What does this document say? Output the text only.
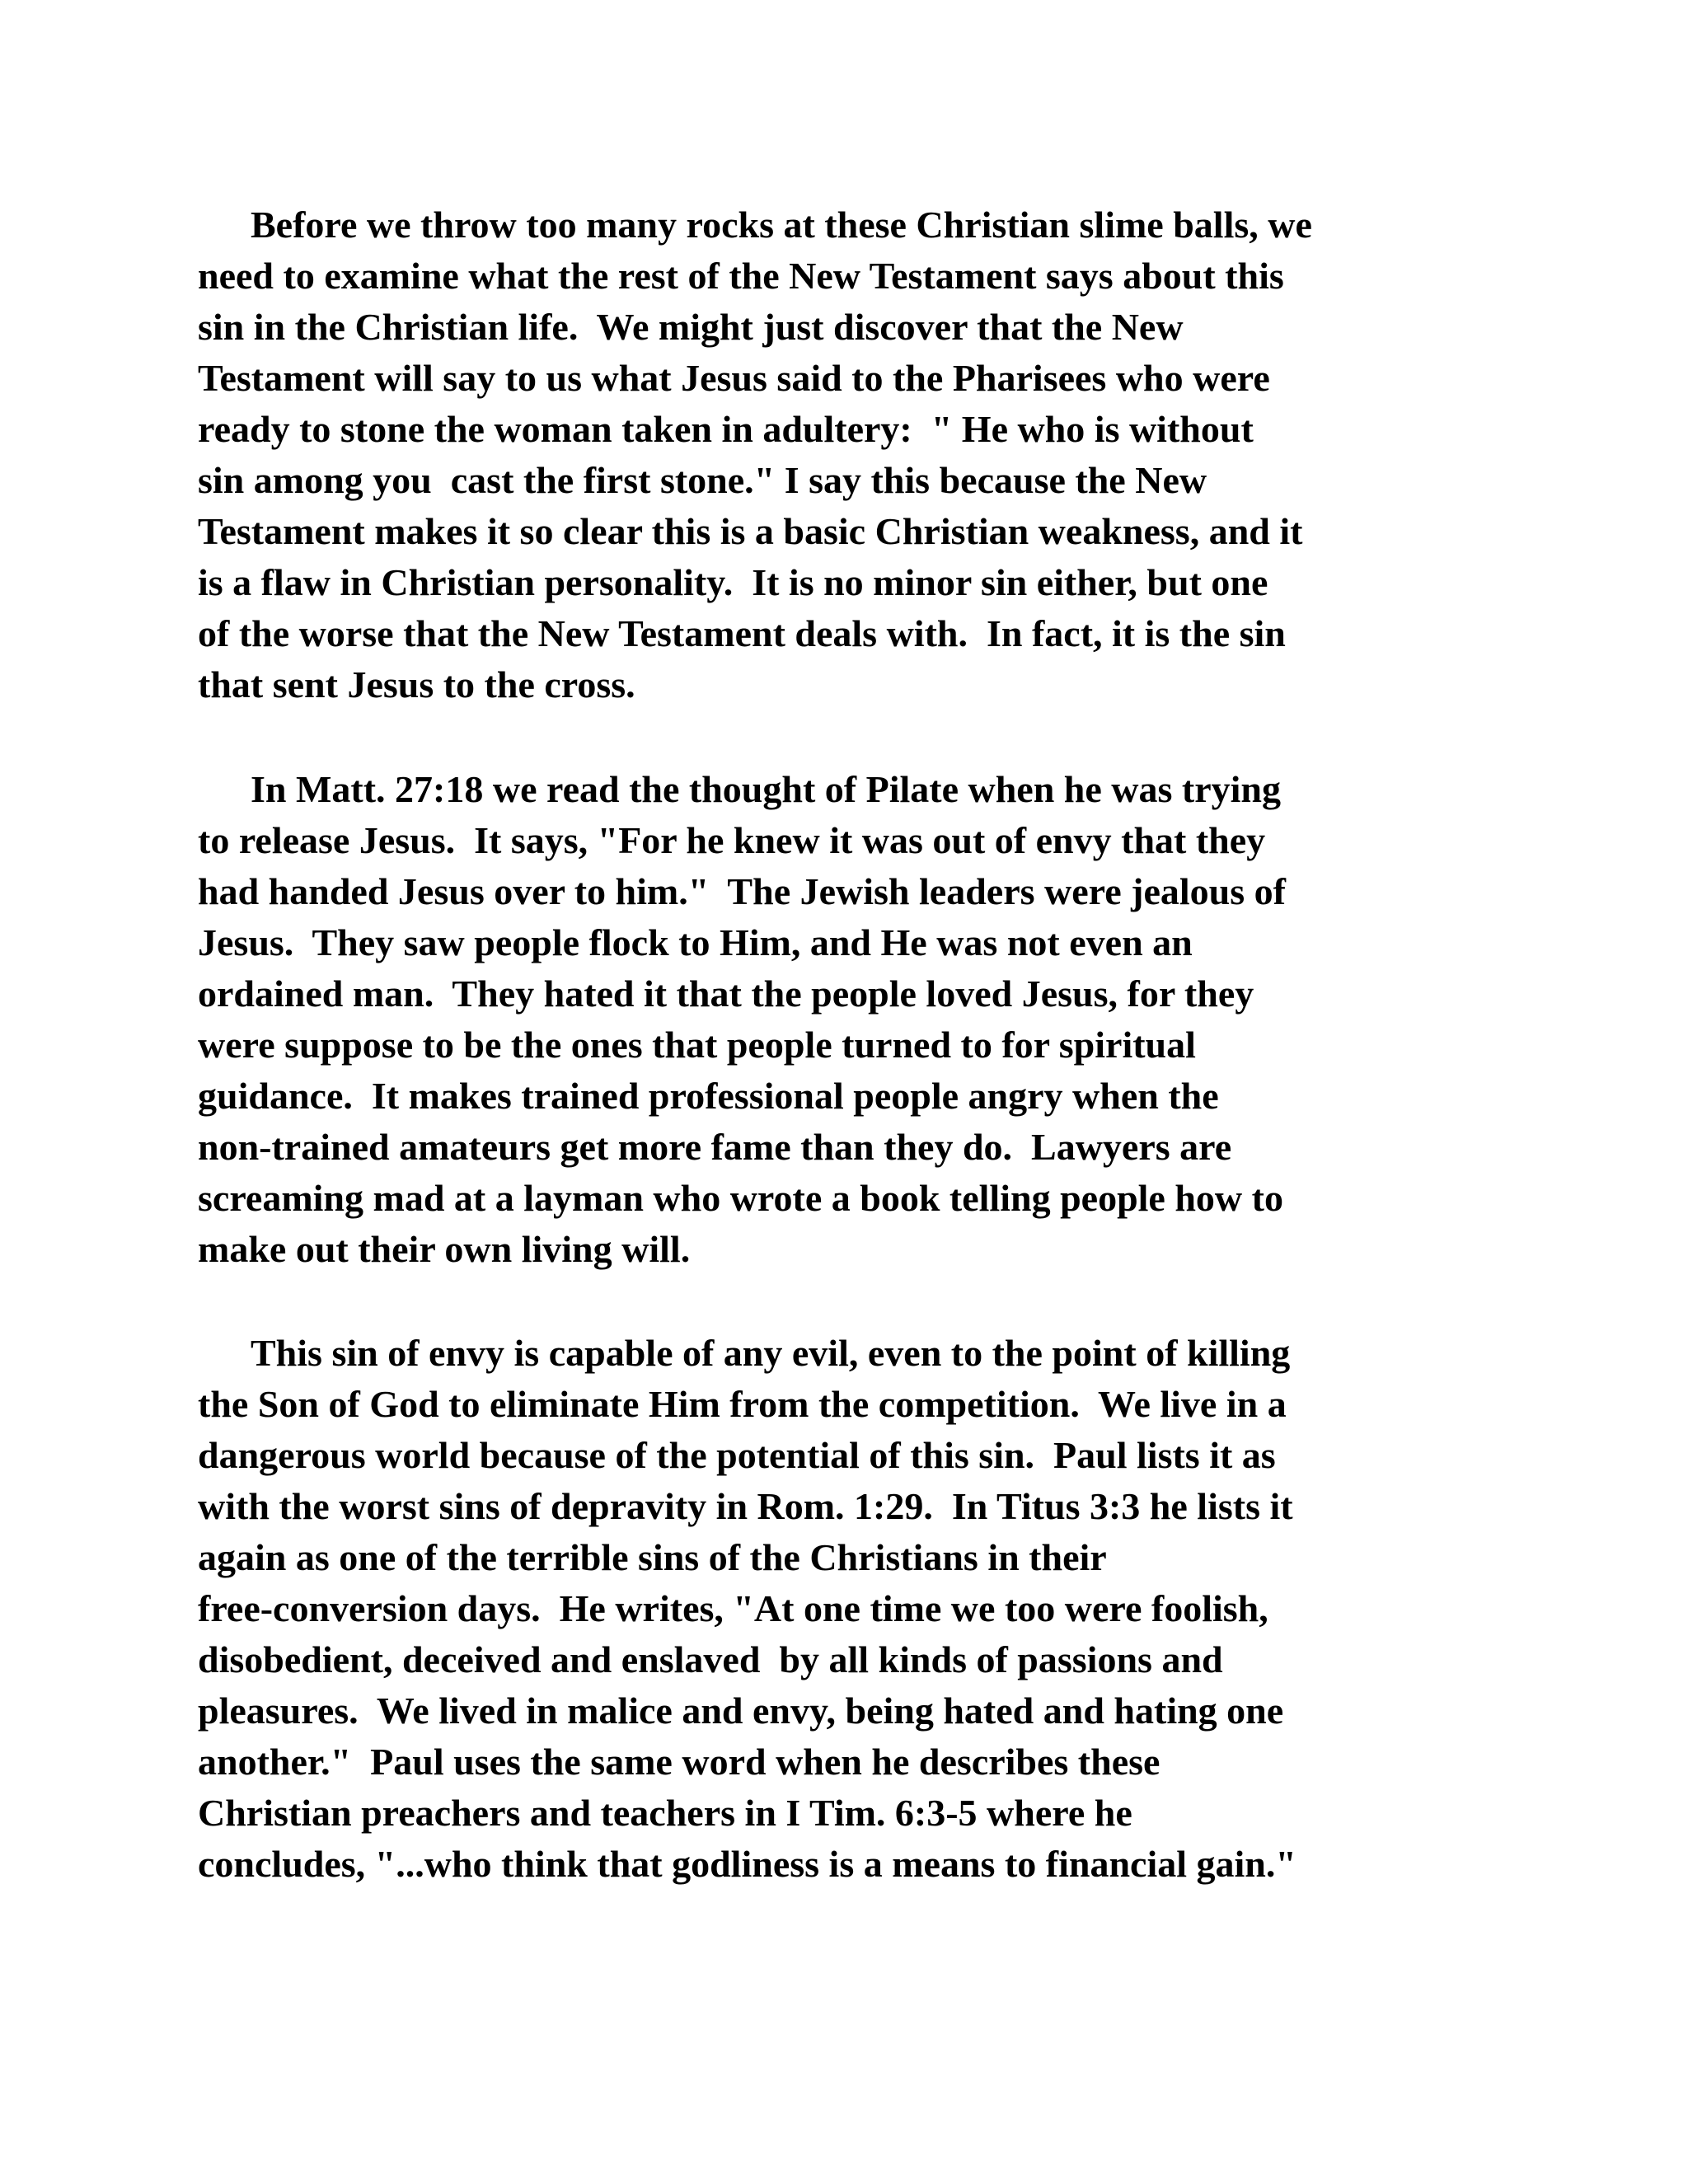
Before we throw too many rocks at these Christian slime balls, we
need to examine what the rest of the New Testament says about this
sin in the Christian life.  We might just discover that the New
Testament will say to us what Jesus said to the Pharisees who were
ready to stone the woman taken in adultery:  " He who is without
sin among you  cast the first stone." I say this because the New
Testament makes it so clear this is a basic Christian weakness, and it
is a flaw in Christian personality.  It is no minor sin either, but one
of the worse that the New Testament deals with.  In fact, it is the sin
that sent Jesus to the cross.
In Matt. 27:18 we read the thought of Pilate when he was trying
to release Jesus.  It says, "For he knew it was out of envy that they
had handed Jesus over to him."  The Jewish leaders were jealous of
Jesus.  They saw people flock to Him, and He was not even an
ordained man.  They hated it that the people loved Jesus, for they
were suppose to be the ones that people turned to for spiritual
guidance.  It makes trained professional people angry when the
non-trained amateurs get more fame than they do.  Lawyers are
screaming mad at a layman who wrote a book telling people how to
make out their own living will.
This sin of envy is capable of any evil, even to the point of killing
the Son of God to eliminate Him from the competition.  We live in a
dangerous world because of the potential of this sin.  Paul lists it as
with the worst sins of depravity in Rom. 1:29.  In Titus 3:3 he lists it
again as one of the terrible sins of the Christians in their
free-conversion days.  He writes, "At one time we too were foolish,
disobedient, deceived and enslaved  by all kinds of passions and
pleasures.  We lived in malice and envy, being hated and hating one
another."  Paul uses the same word when he describes these
Christian preachers and teachers in I Tim. 6:3-5 where he
concludes, "...who think that godliness is a means to financial gain."
